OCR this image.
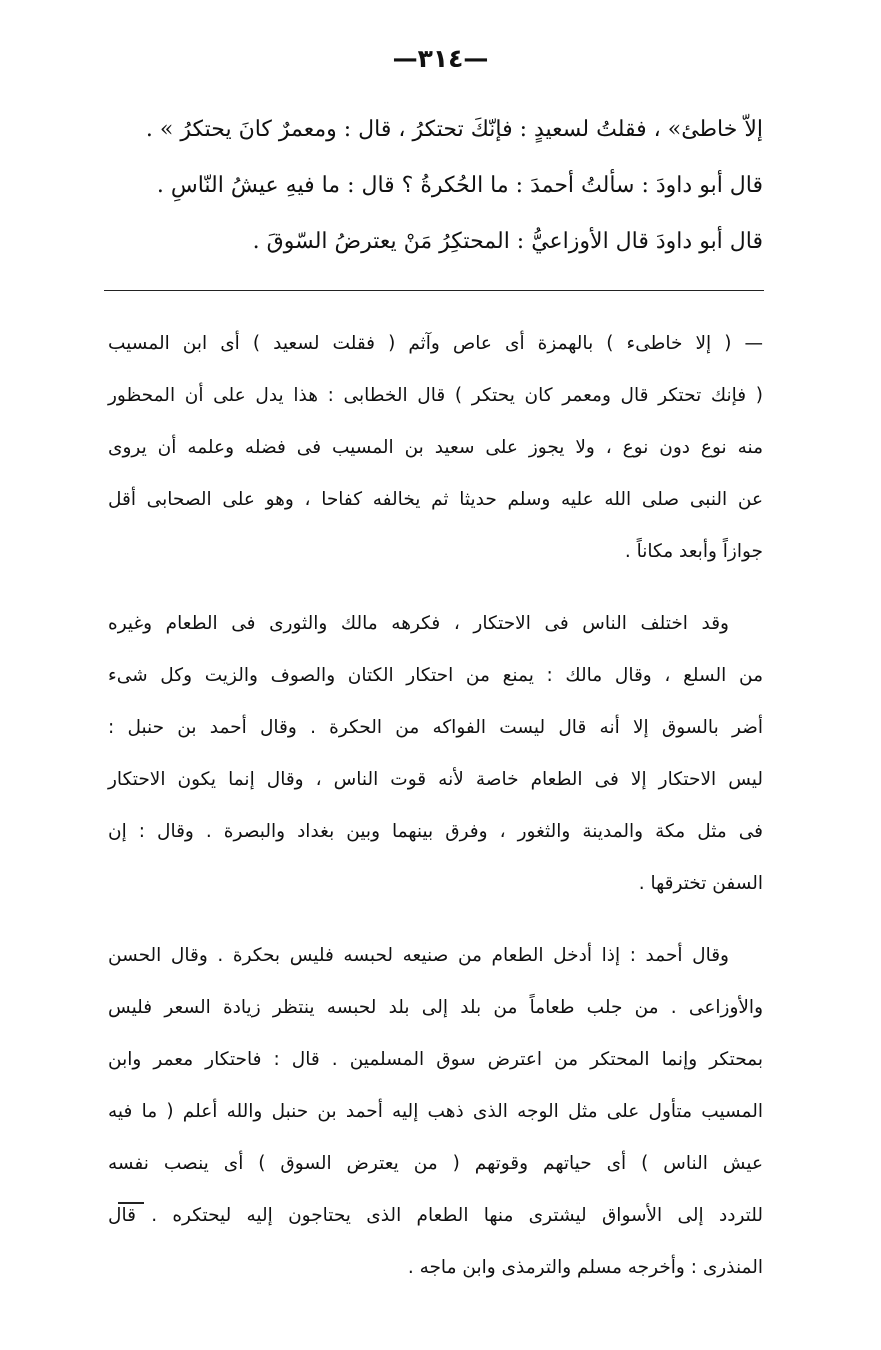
—٣١٤—
إلاّ خاطئ» ، فقلتُ لسعيدٍ : فإنّكَ تحتكرُ ، قال : ومعمرٌ كانَ يحتكرُ » .
قال أبو داودَ : سألتُ أحمدَ : ما الحُكرةُ ؟ قال : ما فيهِ عيشُ النّاسِ .
قال أبو داودَ قال الأوزاعيُّ : المحتكِرُ مَنْ يعترضُ السّوقَ .
— ( إلا خاطىء ) بالهمزة أى عاص وآثم ( فقلت لسعيد ) أى ابن المسيب
( فإنك تحتكر قال ومعمر كان يحتكر ) قال الخطابى : هذا يدل على أن المحظور
منه نوع دون نوع ، ولا يجوز على سعيد بن المسيب فى فضله وعلمه أن يروى
عن النبى صلى الله عليه وسلم حديثا ثم يخالفه كفاحا ، وهو على الصحابى أقل
جوازاً وأبعد مكاناً .
وقد اختلف الناس فى الاحتكار ، فكرهه مالك والثورى فى الطعام وغيره
من السلع ، وقال مالك : يمنع من احتكار الكتان والصوف والزيت وكل شىء
أضر بالسوق إلا أنه قال ليست الفواكه من الحكرة . وقال أحمد بن حنبل :
ليس الاحتكار إلا فى الطعام خاصة لأنه قوت الناس ، وقال إنما يكون الاحتكار
فى مثل مكة والمدينة والثغور ، وفرق بينهما وبين بغداد والبصرة . وقال : إن
السفن تخترقها .
وقال أحمد : إذا أدخل الطعام من صنيعه لحبسه فليس بحكرة . وقال الحسن
والأوزاعى . من جلب طعاماً من بلد إلى بلد لحبسه ينتظر زيادة السعر فليس
بمحتكر وإنما المحتكر من اعترض سوق المسلمين . قال : فاحتكار معمر وابن
المسيب متأول على مثل الوجه الذى ذهب إليه أحمد بن حنبل والله أعلم ( ما فيه
عيش الناس ) أى حياتهم وقوتهم ( من يعترض السوق ) أى ينصب نفسه
للتردد إلى الأسواق ليشترى منها الطعام الذى يحتاجون إليه ليحتكره . قال
المنذرى : وأخرجه مسلم والترمذى وابن ماجه .
